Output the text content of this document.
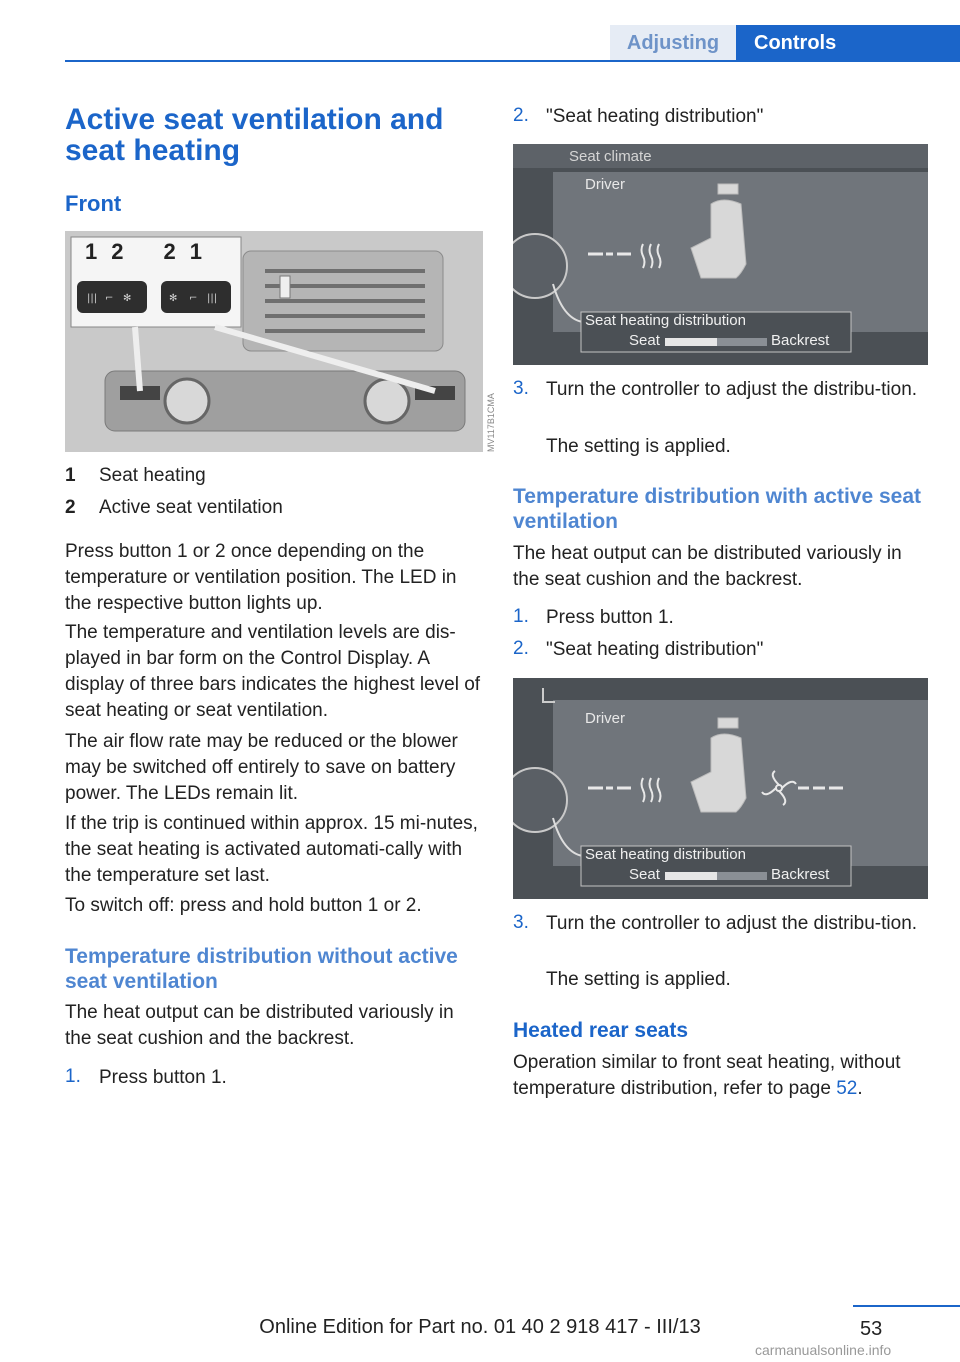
Adjusting	Controls
Active seat ventilation and seat heating
Front
||| ⌐ ✻	✻ ⌐ |||
1 2 2 1
MV117B1CMA
1 Seat heating
2 Active seat ventilation
Press button 1 or 2 once depending on the temperature or ventilation position. The LED in the respective button lights up.
The temperature and ventilation levels are dis‐played in bar form on the Control Display. A display of three bars indicates the highest level of seat heating or seat ventilation.
The air flow rate may be reduced or the blower may be switched off entirely to save on battery power. The LEDs remain lit.
If the trip is continued within approx. 15 mi‐nutes, the seat heating is activated automati‐cally with the temperature set last.
To switch off: press and hold button 1 or 2.
Temperature distribution without active seat ventilation
The heat output can be distributed variously in the seat cushion and the backrest.
1. Press button 1.
2. "Seat heating distribution"
Seat climate
Driver
Seat heating distribution
Seat	Backrest
3. Turn the controller to adjust the distribu‐tion.
The setting is applied.
Temperature distribution with active seat ventilation
The heat output can be distributed variously in the seat cushion and the backrest.
1. Press button 1.
2. "Seat heating distribution"
Driver
Seat heating distribution
Seat	Backrest
3. Turn the controller to adjust the distribu‐tion.
The setting is applied.
Heated rear seats
Operation similar to front seat heating, without temperature distribution, refer to page 52.
53
Online Edition for Part no. 01 40 2 918 417 - III/13
carmanualsonline.info
